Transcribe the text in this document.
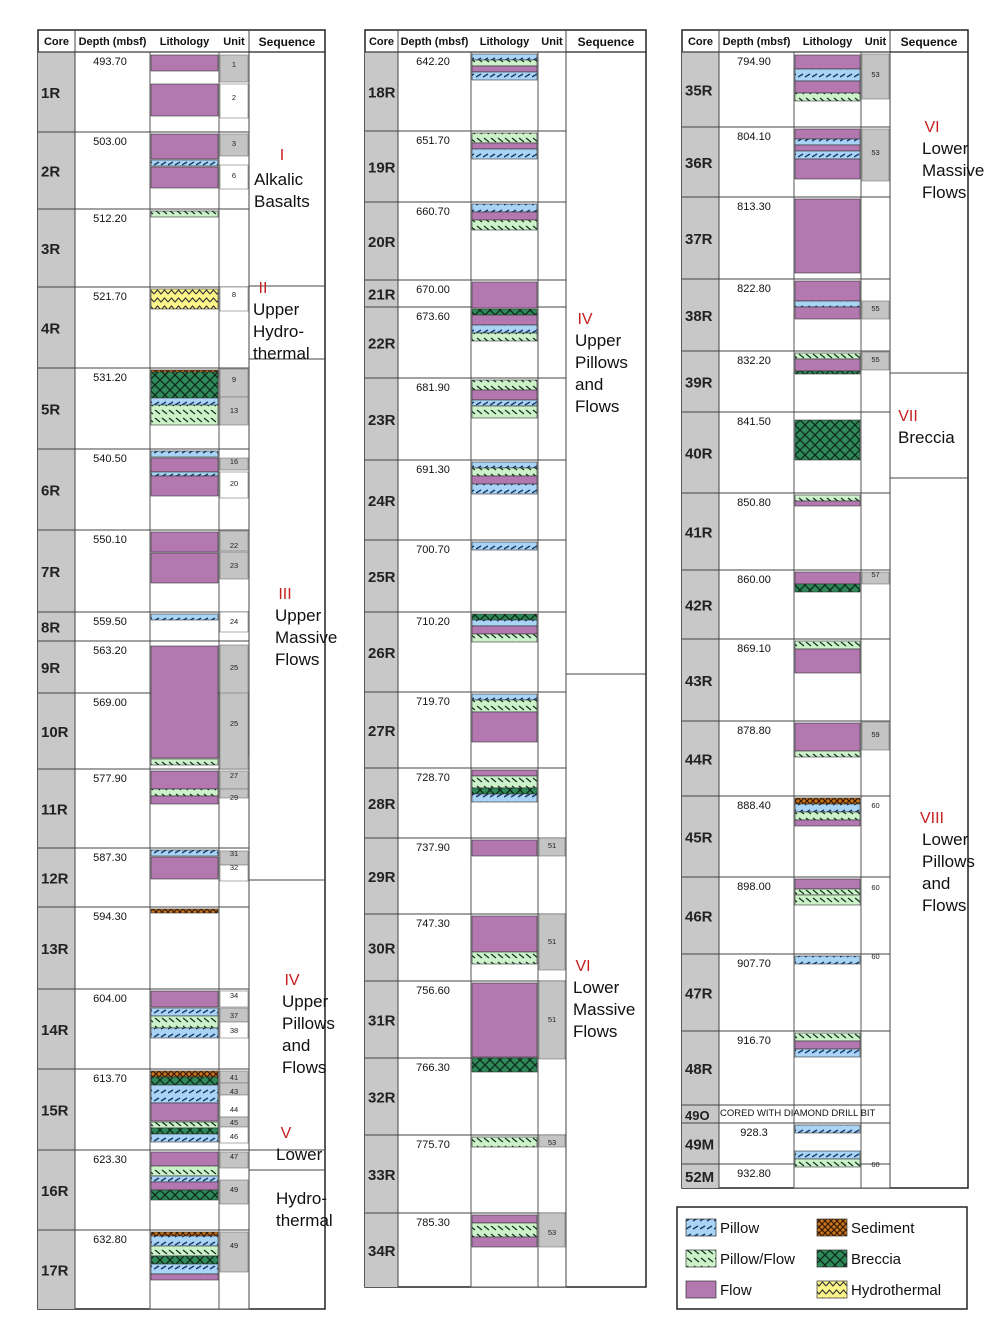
Core Depth (mbsf) Lithology Unit Sequence
1R
493.70
2R
503.00
3R
512.20
4R
521.70
5R
531.20
6R
540.50
7R
550.10
8R	559.50
9R
563.20
10R
569.00
11R
577.90
12R
587.30
13R
594.30
14R
604.00
15R
613.70
16R
623.30
17R
632.80
1
2
3
6
8
9
13
16
20
22
23
24
25
25
27
29
31
32
34
37
38
41
43
44
45
46
47
49
49
I
Alkalic
Basalts
II
Upper
Hydro-
thermal
III
Upper
Massive
Flows
IV
Upper
Pillows
and
Flows
V
Lower
Hydro-
thermal
Core Depth (mbsf) Lithology Unit Sequence
18R
642.20
19R
651.70
20R
660.70
21R 670.00
22R
673.60
23R
681.90
24R
691.30
25R
700.70
26R
710.20
27R
719.70
28R
728.70
29R
737.90
30R
747.30
31R
756.60
32R
766.30
33R
775.70
34R
785.30
51
51
51
53
53
IV
Upper
Pillows
and
Flows
VI
Lower
Massive
Flows
Core Depth (mbsf) Lithology Unit Sequence
35R
794.90
36R
804.10
37R
813.30
38R
822.80
39R
832.20
40R
841.50
41R
850.80
42R
860.00
43R
869.10
44R
878.80
45R
888.40
46R
898.00
47R
907.70
48R
916.70
49O
49M
928.3
52M 932.80
53
53
55
55
57
59
60
60
60
60
VI
Lower
Massive
Flows
VII
Breccia
VIII
Lower
Pillows
and
Flows
CORED WITH DIAMOND DRILL BIT
Pillow
Pillow/Flow
Flow
Sediment
Breccia
Hydrothermal
